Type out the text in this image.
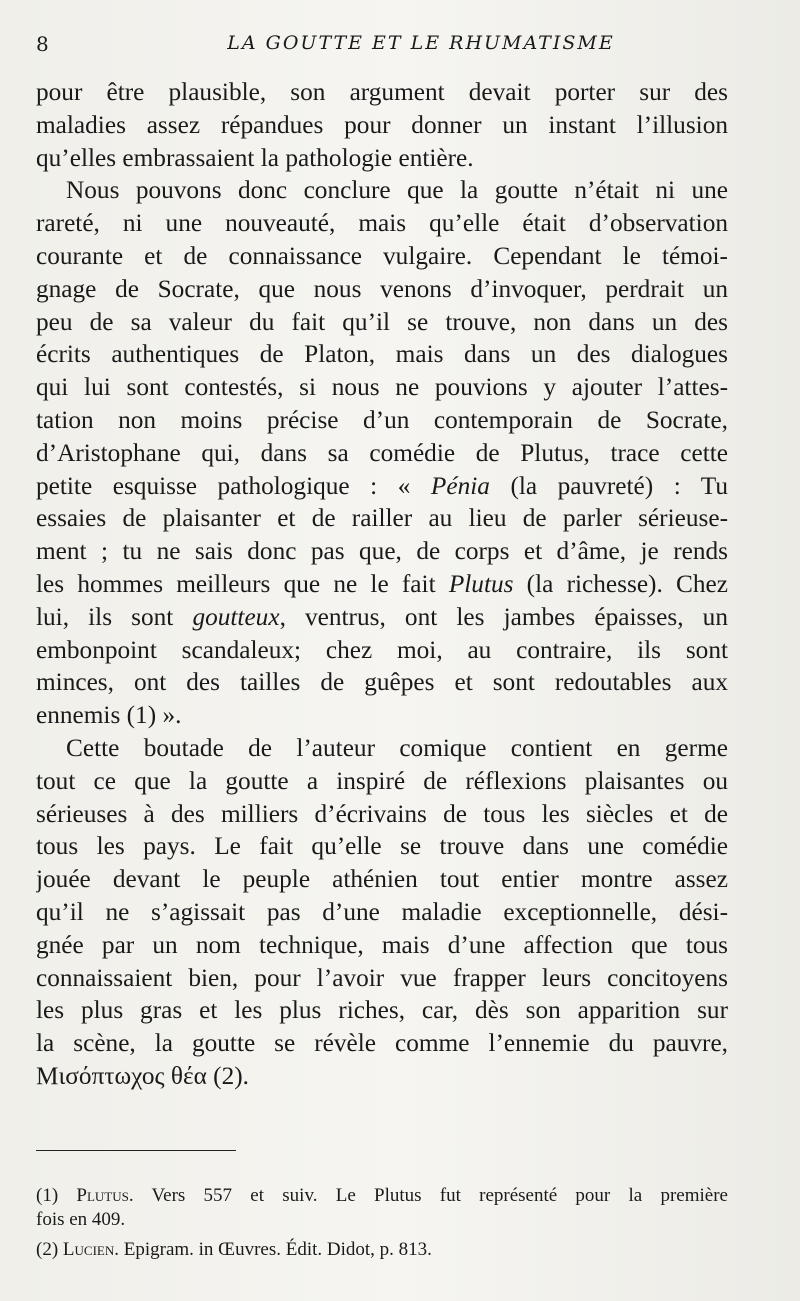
8	LA GOUTTE ET LE RHUMATISME

pour être plausible, son argument devait porter sur des
maladies assez répandues pour donner un instant l’illusion
qu’elles embrassaient la pathologie entière.

Nous pouvons donc conclure que la goutte n’était ni une
rareté, ni une nouveauté, mais qu’elle était d’observation
courante et de connaissance vulgaire. Cependant le témoi-
gnage de Socrate, que nous venons d’invoquer, perdrait un
peu de sa valeur du fait qu’il se trouve, non dans un des
écrits authentiques de Platon, mais dans un des dialogues
qui lui sont contestés, si nous ne pouvions y ajouter l’attes-
tation non moins précise d’un contemporain de Socrate,
d’Aristophane qui, dans sa comédie de Plutus, trace cette
petite esquisse pathologique : « Pénia (la pauvreté) : Tu
essaies de plaisanter et de railler au lieu de parler sérieuse-
ment ; tu ne sais donc pas que, de corps et d’âme, je rends
les hommes meilleurs que ne le fait Plutus (la richesse). Chez
lui, ils sont goutteux, ventrus, ont les jambes épaisses, un
embonpoint scandaleux; chez moi, au contraire, ils sont
minces, ont des tailles de guêpes et sont redoutables aux
ennemis (1) ».

Cette boutade de l’auteur comique contient en germe
tout ce que la goutte a inspiré de réflexions plaisantes ou
sérieuses à des milliers d’écrivains de tous les siècles et de
tous les pays. Le fait qu’elle se trouve dans une comédie
jouée devant le peuple athénien tout entier montre assez
qu’il ne s’agissait pas d’une maladie exceptionnelle, dési-
gnée par un nom technique, mais d’une affection que tous
connaissaient bien, pour l’avoir vue frapper leurs concitoyens
les plus gras et les plus riches, car, dès son apparition sur
la scène, la goutte se révèle comme l’ennemie du pauvre,
Μισόπτωχος θέα (2).

(1) Plutus. Vers 557 et suiv. Le Plutus fut représenté pour la première
fois en 409.

(2) Lucien. Epigram. in Œuvres. Édit. Didot, p. 813.
